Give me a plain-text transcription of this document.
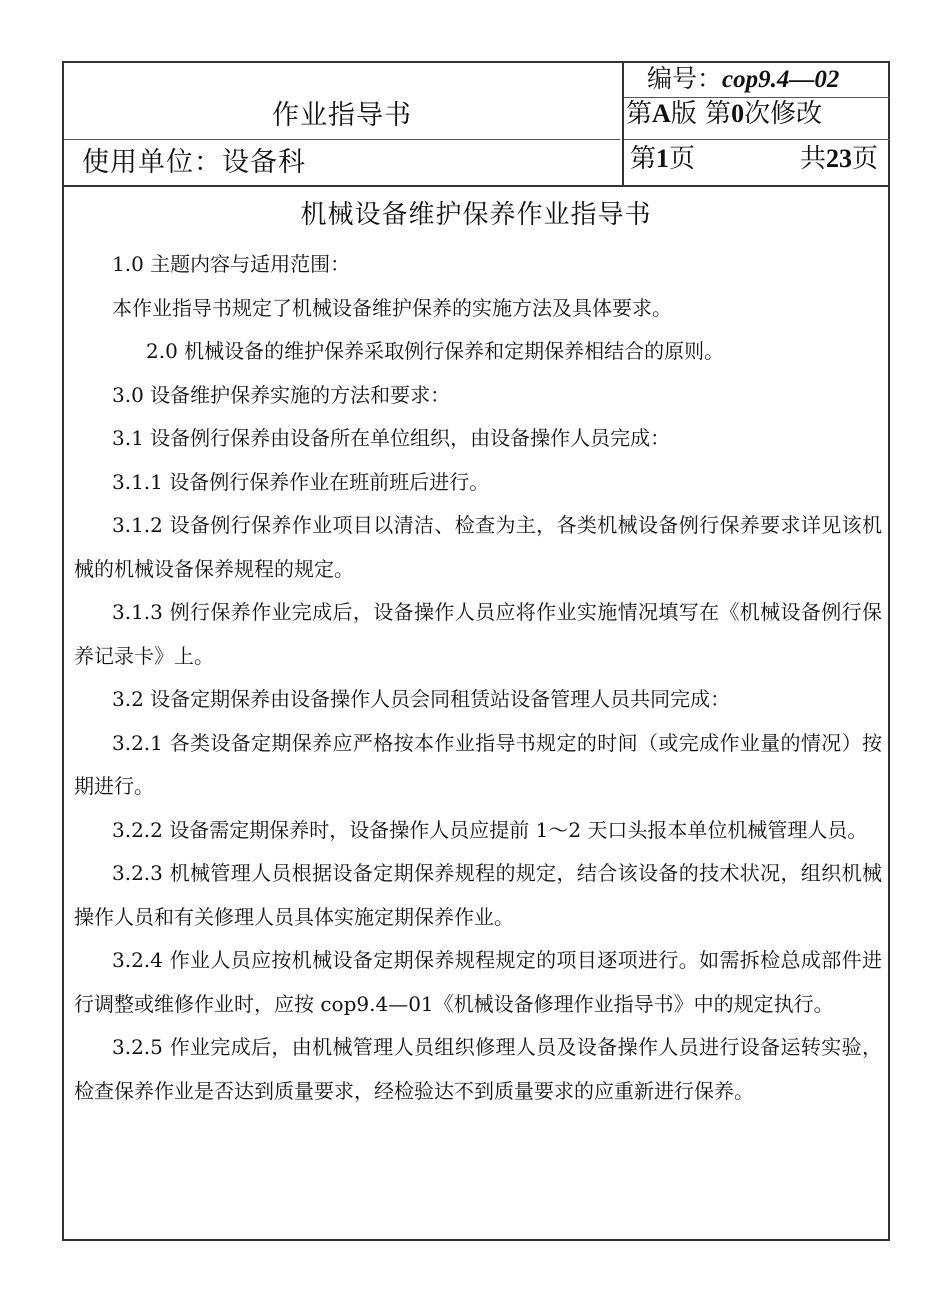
作业指导书
使用单位：设备科
编号：cop9.4—02
第A版 第0次修改
第1页	共23页
机械设备维护保养作业指导书

1.0 主题内容与适用范围：

本作业指导书规定了机械设备维护保养的实施方法及具体要求。

2.0 机械设备的维护保养采取例行保养和定期保养相结合的原则。

3.0 设备维护保养实施的方法和要求：

3.1 设备例行保养由设备所在单位组织，由设备操作人员完成：

3.1.1 设备例行保养作业在班前班后进行。

3.1.2 设备例行保养作业项目以清洁、检查为主，各类机械设备例行保养要求详见该机械的机械设备保养规程的规定。

3.1.3 例行保养作业完成后，设备操作人员应将作业实施情况填写在《机械设备例行保养记录卡》上。

3.2 设备定期保养由设备操作人员会同租赁站设备管理人员共同完成：

3.2.1 各类设备定期保养应严格按本作业指导书规定的时间（或完成作业量的情况）按期进行。

3.2.2 设备需定期保养时，设备操作人员应提前 1～2 天口头报本单位机械管理人员。

3.2.3 机械管理人员根据设备定期保养规程的规定，结合该设备的技术状况，组织机械操作人员和有关修理人员具体实施定期保养作业。

3.2.4 作业人员应按机械设备定期保养规程规定的项目逐项进行。如需拆检总成部件进行调整或维修作业时，应按 cop9.4—01《机械设备修理作业指导书》中的规定执行。

3.2.5 作业完成后，由机械管理人员组织修理人员及设备操作人员进行设备运转实验，检查保养作业是否达到质量要求，经检验达不到质量要求的应重新进行保养。
